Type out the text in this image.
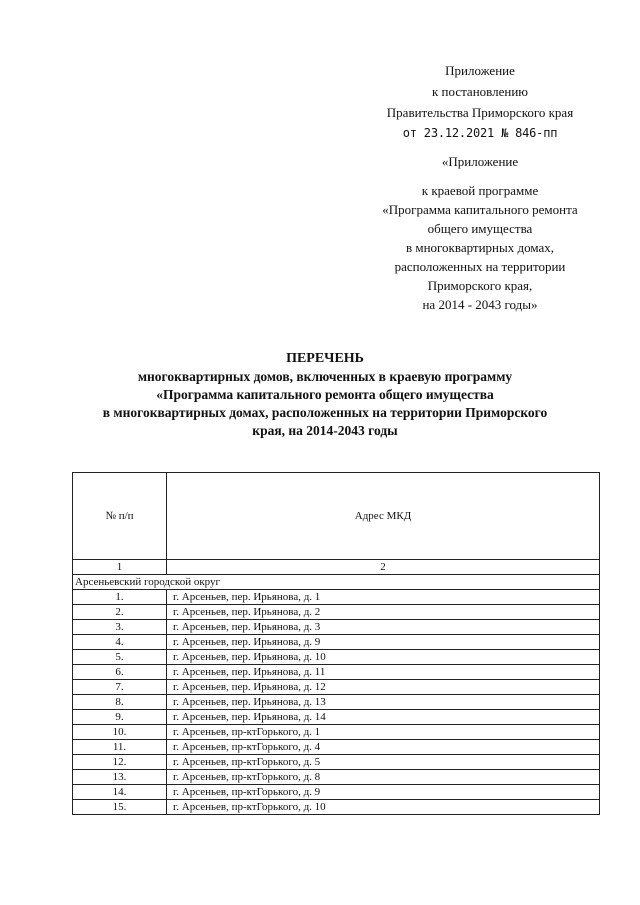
Приложение
к постановлению
Правительства Приморского края
от 23.12.2021 № 846-пп
«Приложение
к краевой программе
«Программа капитального ремонта
общего имущества
в многоквартирных домах,
расположенных на территории
Приморского края,
на 2014 - 2043 годы»
ПЕРЕЧЕНЬ
многоквартирных домов, включенных в краевую программу
«Программа капитального ремонта общего имущества
в многоквартирных домах, расположенных на территории Приморского
края, на 2014-2043 годы
№ п/п	Адрес МКД
1	2
Арсеньевский городской округ	
1.	г. Арсеньев, пер. Ирьянова, д. 1
2.	г. Арсеньев, пер. Ирьянова, д. 2
3.	г. Арсеньев, пер. Ирьянова, д. 3
4.	г. Арсеньев, пер. Ирьянова, д. 9
5.	г. Арсеньев, пер. Ирьянова, д. 10
6.	г. Арсеньев, пер. Ирьянова, д. 11
7.	г. Арсеньев, пер. Ирьянова, д. 12
8.	г. Арсеньев, пер. Ирьянова, д. 13
9.	г. Арсеньев, пер. Ирьянова, д. 14
10.	г. Арсеньев, пр-ктГорького, д. 1
11.	г. Арсеньев, пр-ктГорького, д. 4
12.	г. Арсеньев, пр-ктГорького, д. 5
13.	г. Арсеньев, пр-ктГорького, д. 8
14.	г. Арсеньев, пр-ктГорького, д. 9
15.	г. Арсеньев, пр-ктГорького, д. 10
